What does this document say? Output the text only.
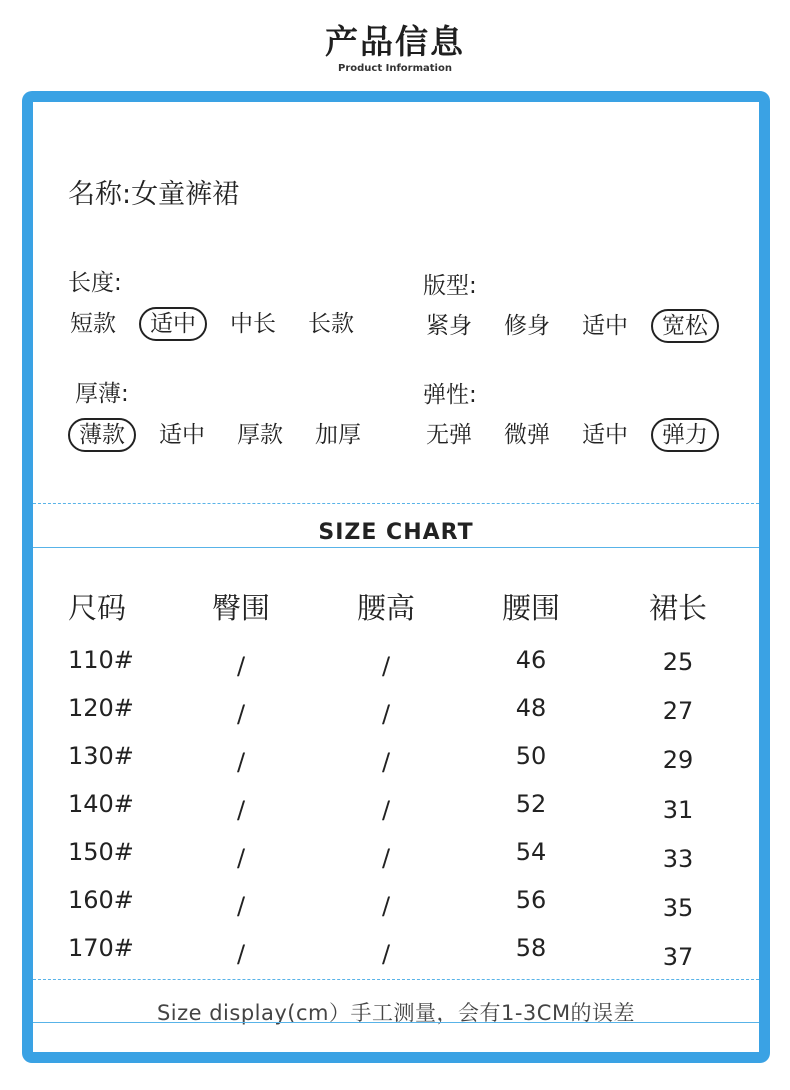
产品信息
Product Information
名称:女童裤裙
长度:
短款	适中	中长	长款
版型:
紧身	修身	适中	宽松
厚薄:
薄款	适中	厚款	加厚
弹性:
无弹	微弹	适中	弹力
SIZE CHART
尺码	臀围	腰高	腰围	裙长
110#	/	/	46	25
120#	/	/	48	27
130#	/	/	50	29
140#	/	/	52	31
150#	/	/	54	33
160#	/	/	56	35
170#	/	/	58	37
Size display(cm）手工测量，会有1-3CM的误差
